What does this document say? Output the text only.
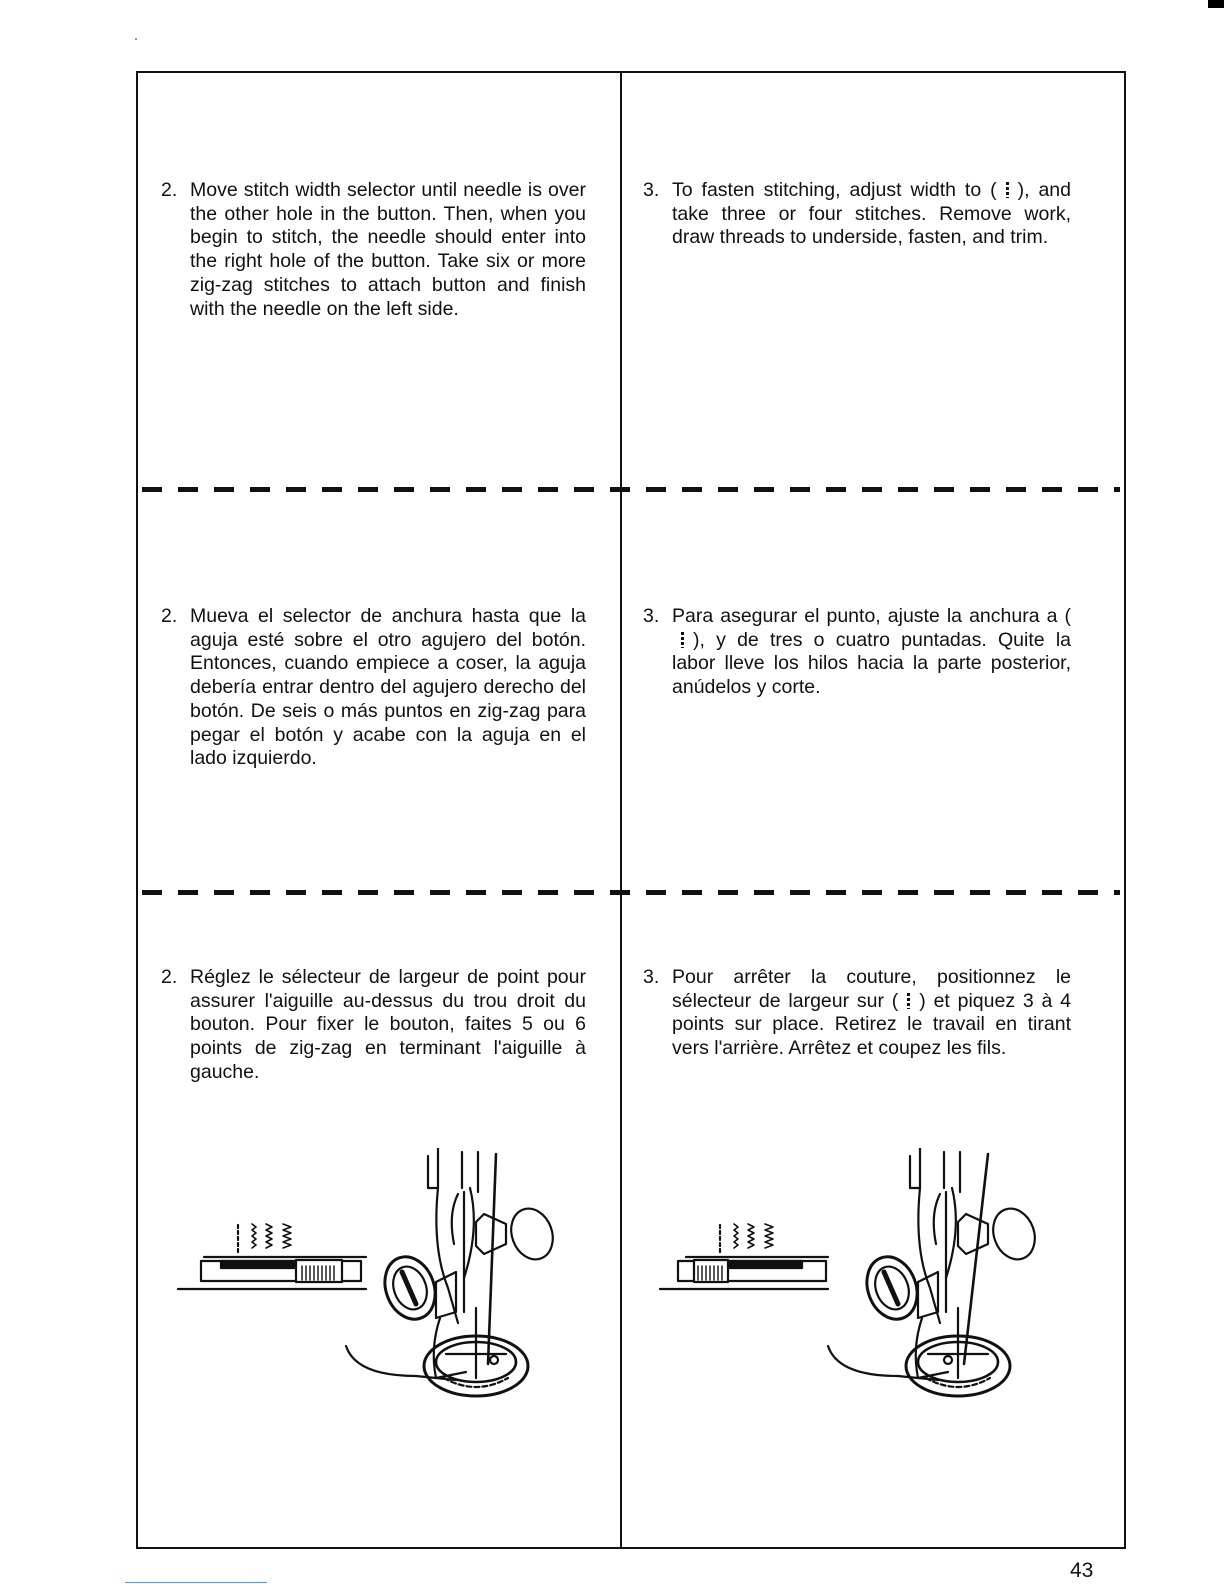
2. Move stitch width selector until needle is over the other hole in the button. Then, when you begin to stitch, the needle should enter into the right hole of the button. Take six or more zig-zag stitches to attach button and finish with the needle on the left side.
3. To fasten stitching, adjust width to ( ), and take three or four stitches. Remove work, draw threads to underside, fasten, and trim.
2. Mueva el selector de anchura hasta que la aguja esté sobre el otro agujero del botón. Entonces, cuando empiece a coser, la aguja debería entrar dentro del agujero derecho del botón. De seis o más puntos en zig-zag para pegar el botón y acabe con la aguja en el lado izquierdo.
3. Para asegurar el punto, ajuste la anchura a (), y de tres o cuatro puntadas. Quite la labor lleve los hilos hacia la parte posterior, anúdelos y corte.
2. Réglez le sélecteur de largeur de point pour assurer l'aiguille au-dessus du trou droit du bouton. Pour fixer le bouton, faites 5 ou 6 points de zig-zag en terminant l'aiguille à gauche.
3. Pour arrêter la couture, positionnez le sélecteur de largeur sur ( ) et piquez 3 à 4 points sur place. Retirez le travail en tirant vers l'arrière. Arrêtez et coupez les fils.
43
